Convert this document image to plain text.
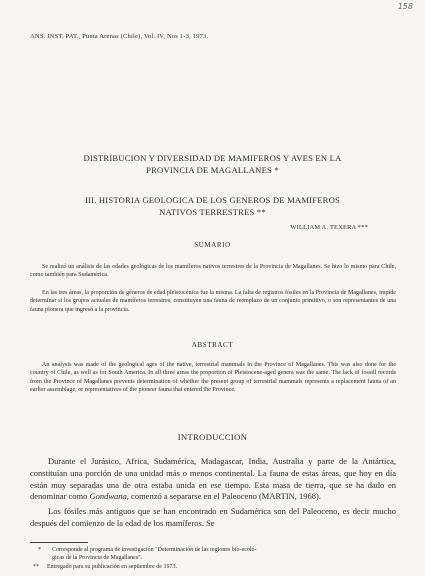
158
ANS. INST. PAT., Punta Arenas (Chile), Vol. IV, Nos 1-3, 1973.
DISTRIBUCION Y DIVERSIDAD DE MAMIFEROS Y AVES EN LA
PROVINCIA DE MAGALLANES *
III. HISTORIA GEOLOGICA DE LOS GENEROS DE MAMIFEROS
NATIVOS TERRESTRES **
WILLIAM A. TEXERA ***
SUMARIO

Se realizó un análisis de las edades geológicas de los mamíferos nativos terrestres de la Provincia de Magallanes. Se hizo lo mismo para Chile, como también para Sudamérica.

En las tres áreas, la proporción de géneros de edad pleistocénica fue la misma. La falta de registros fósiles en la Provincia de Magallanes, impide determinar si los grupos actuales de mamíferos terrestres, constituyen una fauna de reemplazo de un conjunto primitivo, o son representantes de una fauna pionera que ingresó a la provincia.

ABSTRACT

An analysis was made of the geological ages of the native, terrestrial mammals in the Province of Magallanes. This was also done for the country of Chile, as well as for South America. In all three areas the proportion of Pleistocene-aged genera was the same. The lack of fossill records from the Province of Magallanes prevents determination of whether the present group of terrestrial mammals represents a replacement fauna of an earlier assemblage, or representatives of the pioneer fauna that entered the Province.

INTRODUCCION

Durante el Jurásico, Africa, Sudamérica, Madagascar, India, Australia y parte de la Antártica, constituían una porción de una unidad más o menos continental. La fauna de estas áreas, que hoy en día están muy separadas una de otra estaba unida en ese tiempo. Esta masa de tierra, que se ha dado en denominar como Gondwana, comenzó a separarse en el Paleoceno (MARTIN, 1968).

Los fósiles más antiguos que se han encontrado en Sudamérica son del Paleoceno, es decir mucho después del comienzo de la edad de los mamíferos. Se

* Corresponde al programa de investigación "Determinación de las regiones bio-ecoló-
gicas de la Provincia de Magallanes".
** Entregado para su publicación en septiembre de 1973.
